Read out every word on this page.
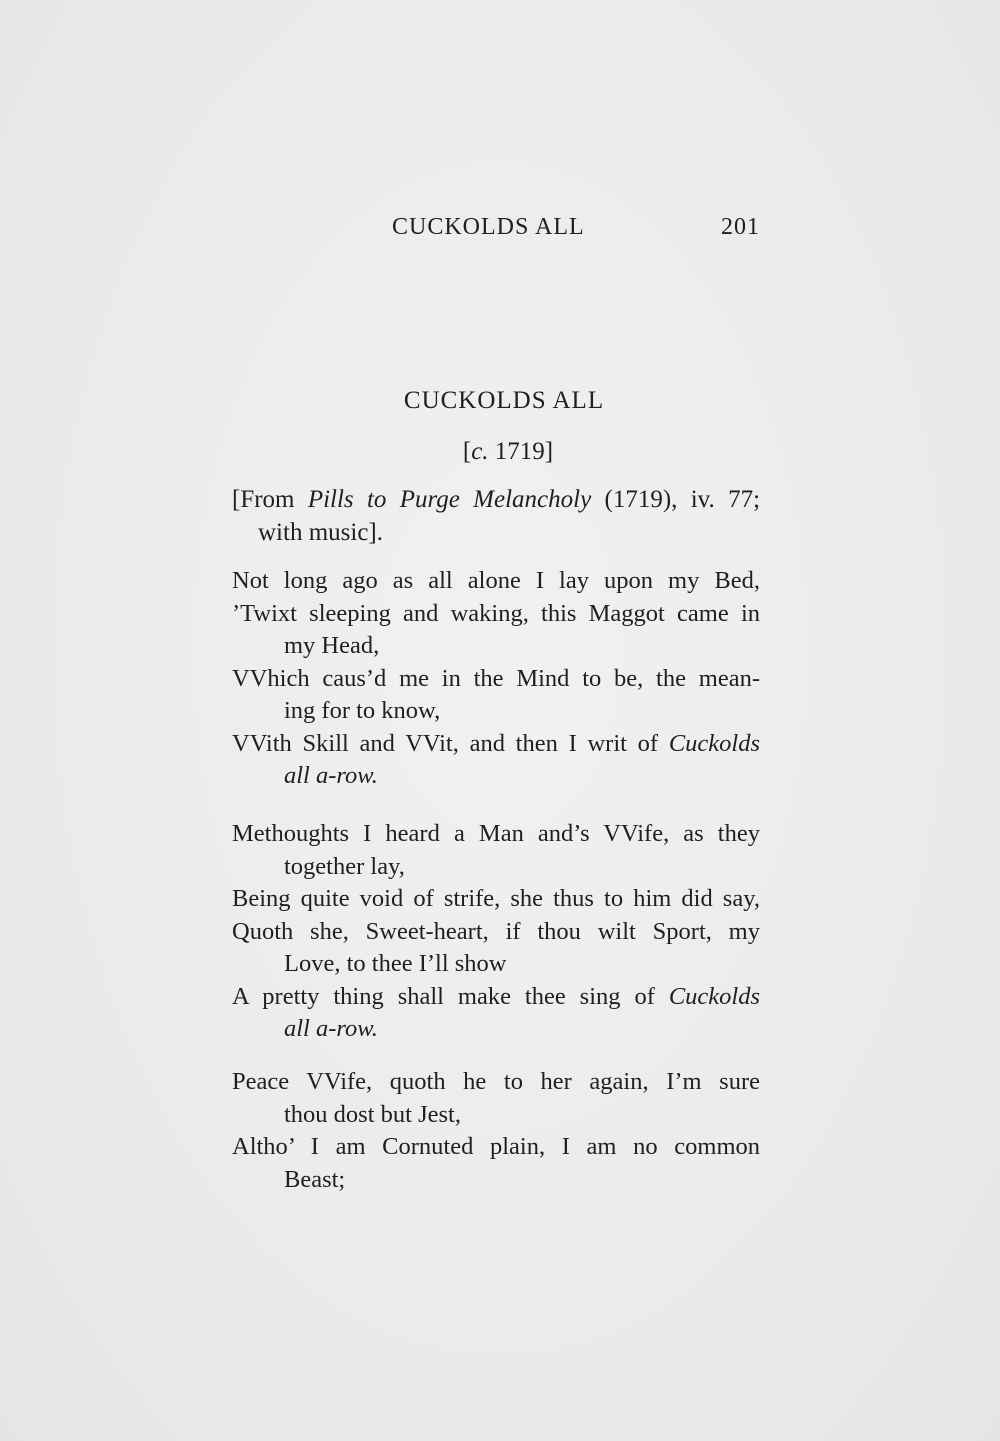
CUCKOLDS ALL	201
CUCKOLDS ALL
[c. 1719]
[From Pills to Purge Melancholy (1719), iv. 77;
with music].
Not long ago as all alone I lay upon my Bed,
’Twixt sleeping and waking, this Maggot came in
my Head,
VVhich caus’d me in the Mind to be, the mean-
ing for to know,
VVith Skill and VVit, and then I writ of Cuckolds
all a-row.
Methoughts I heard a Man and’s VVife, as they
together lay,
Being quite void of strife, she thus to him did say,
Quoth she, Sweet-heart, if thou wilt Sport, my
Love, to thee I’ll show
A pretty thing shall make thee sing of Cuckolds
all a-row.
Peace VVife, quoth he to her again, I’m sure
thou dost but Jest,
Altho’ I am Cornuted plain, I am no common
Beast;
